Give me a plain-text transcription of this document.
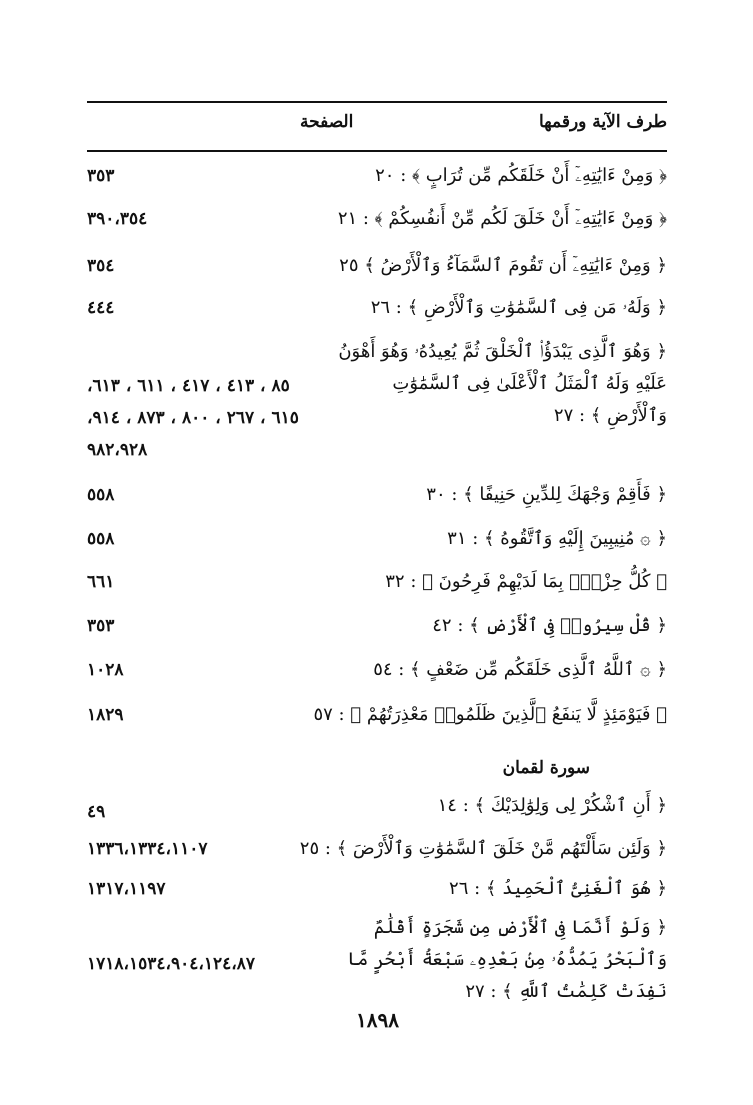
طرف الآية ورقمها
الصفحة
﴿ وَمِنْ ءَايَٰتِهِۦٓ أَنْ خَلَقَكُم مِّن تُرَابٍ ﴾ : ٢٠
٣٥٣
﴿ وَمِنْ ءَايَٰتِهِۦٓ أَنْ خَلَقَ لَكُم مِّنْ أَنفُسِكُمْ ﴾ : ٢١
٣٩٠،٣٥٤
﴿ وَمِنْ ءَايَٰتِهِۦٓ أَن تَقُومَ ٱلسَّمَآءُ وَٱلْأَرْضُ ﴾ ٢٥
٣٥٤
﴿ وَلَهُۥ مَن فِى ٱلسَّمَٰوَٰتِ وَٱلْأَرْضِ ﴾ : ٢٦
٤٤٤
﴿ وَهُوَ ٱلَّذِى يَبْدَؤُا۟ ٱلْخَلْقَ ثُمَّ يُعِيدُهُۥ وَهُوَ أَهْوَنُ عَلَيْهِ وَلَهُ ٱلْمَثَلُ ٱلْأَعْلَىٰ فِى ٱلسَّمَٰوَٰتِ وَٱلْأَرْضِ ﴾ : ٢٧
٨٥ ، ٤١٣ ، ٤١٧ ، ٦١١ ، ٦١٣،
٦١٥ ، ٢٦٧ ، ٨٠٠ ، ٨٧٣ ، ٩١٤،
٩٨٢،٩٢٨
﴿ فَأَقِمْ وَجْهَكَ لِلدِّينِ حَنِيفًا ﴾ : ٣٠
٥٥٨
﴿ ۞ مُنِيبِينَ إِلَيْهِ وَٱتَّقُوهُ ﴾ : ٣١
٥٥٨
﴿ كُلُّ حِزْبٍۭ بِمَا لَدَيْهِمْ فَرِحُونَ ﴾ : ٣٢
٦٦١
﴿ قُلْ سِيرُوا۟ فِى ٱلْأَرْضِ ﴾ : ٤٢
٣٥٣
﴿ ۞ ٱللَّهُ ٱلَّذِى خَلَقَكُم مِّن ضَعْفٍ ﴾ : ٥٤
١٠٢٨
﴿ فَيَوْمَئِذٍ لَّا يَنفَعُ ٱلَّذِينَ ظَلَمُوا۟ مَعْذِرَتُهُمْ ﴾ : ٥٧
١٨٢٩
سورة لقمان
﴿ أَنِ ٱشْكُرْ لِى وَلِوَٰلِدَيْكَ ﴾ : ١٤
٤٩
﴿ وَلَئِن سَأَلْتَهُم مَّنْ خَلَقَ ٱلسَّمَٰوَٰتِ وَٱلْأَرْضَ ﴾ : ٢٥
١٣٣٦،١٣٣٤،١١٠٧
﴿ هُوَ ٱلْغَنِىُّ ٱلْحَمِيدُ ﴾ : ٢٦
١٣١٧،١١٩٧
﴿ وَلَوْ أَنَّمَا فِى ٱلْأَرْضِ مِن شَجَرَةٍ أَقْلَٰمٌ وَٱلْبَحْرُ يَمُدُّهُۥ مِنۢ بَعْدِهِۦ سَبْعَةُ أَبْحُرٍ مَّا نَفِدَتْ كَلِمَٰتُ ٱللَّهِ ﴾ : ٢٧
١٧١٨،١٥٣٤،٩٠٤،١٢٤،٨٧
١٨٩٨
